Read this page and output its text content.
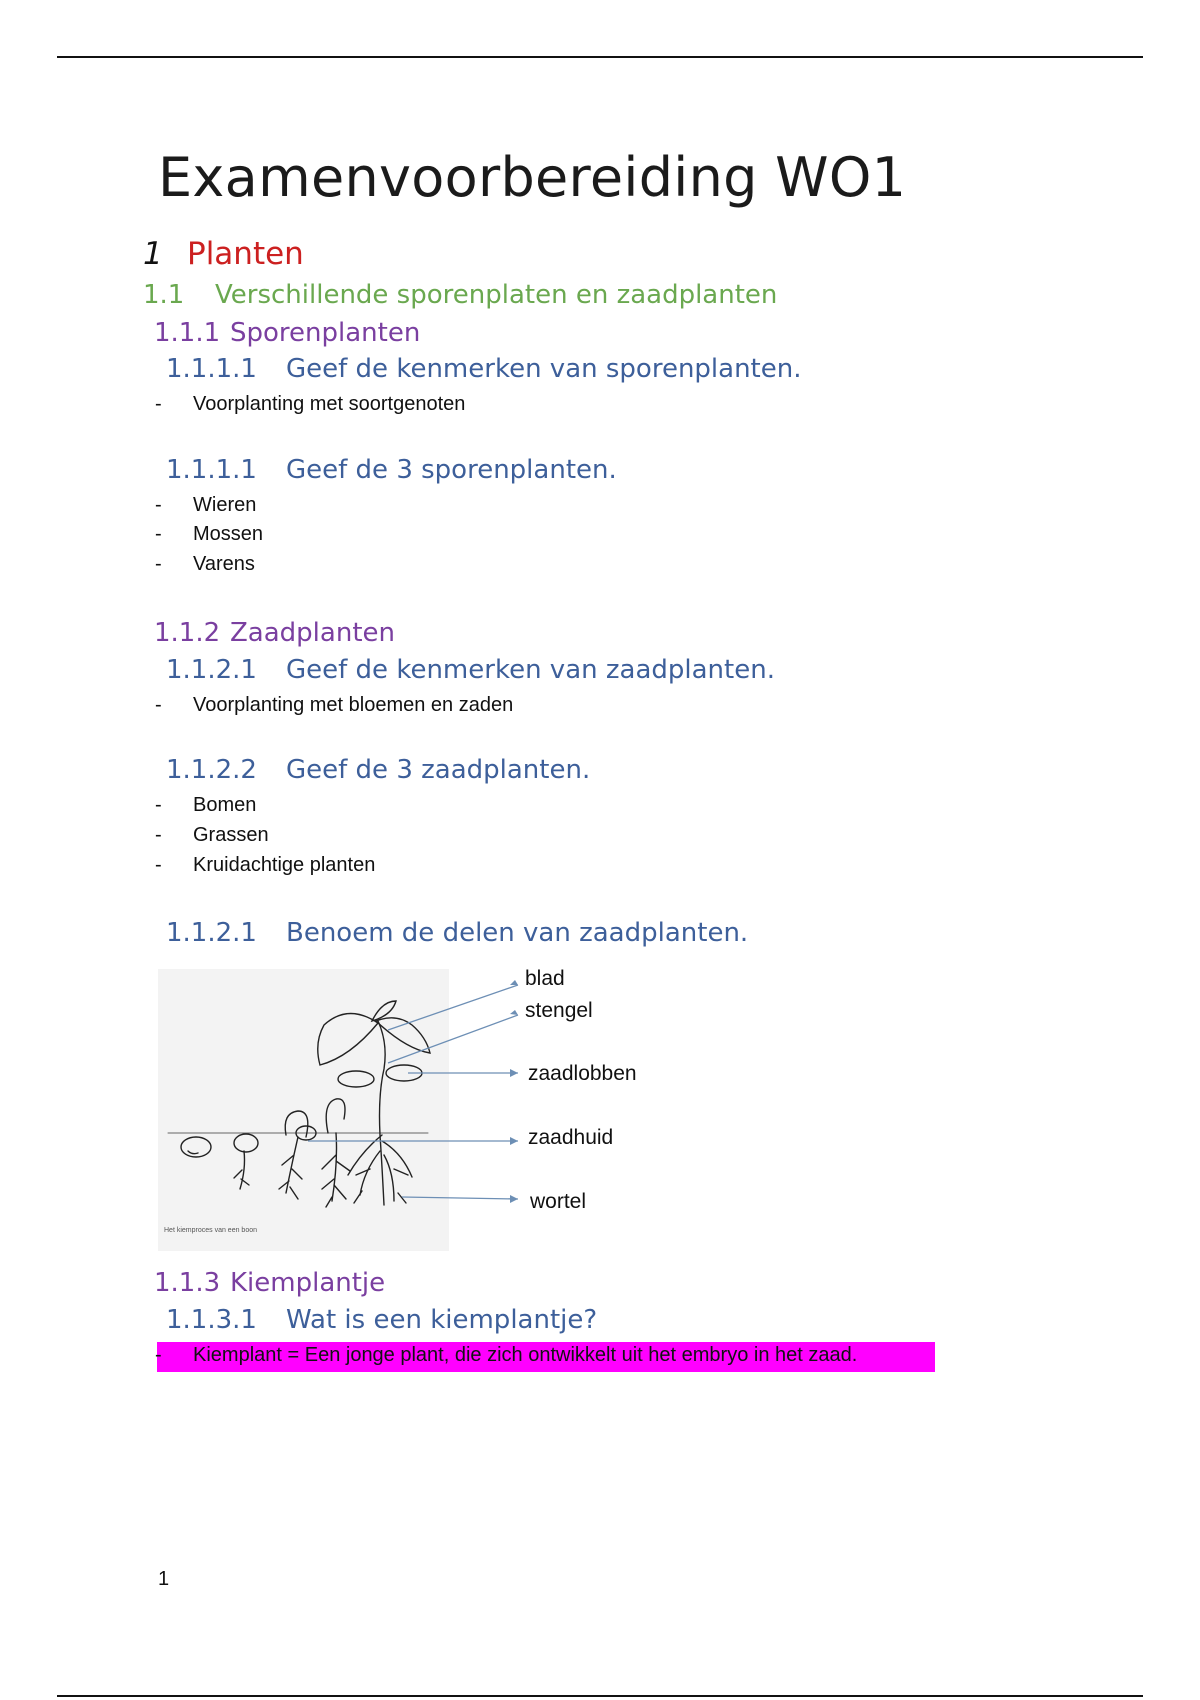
Examenvoorbereiding WO1
1 Planten
1.1 Verschillende sporenplaten en zaadplanten
1.1.1 Sporenplanten
1.1.1.1 Geef de kenmerken van sporenplanten.
- Voorplanting met soortgenoten
1.1.1.1 Geef de 3 sporenplanten.
- Wieren
- Mossen
- Varens
1.1.2 Zaadplanten
1.1.2.1 Geef de kenmerken van zaadplanten.
- Voorplanting met bloemen en zaden
1.1.2.2 Geef de 3 zaadplanten.
- Bomen
- Grassen
- Kruidachtige planten
1.1.2.1 Benoem de delen van zaadplanten.
blad
stengel
zaadlobben
zaadhuid
wortel
Het kiemproces van een boon
1.1.3 Kiemplantje
1.1.3.1 Wat is een kiemplantje?
- Kiemplant = Een jonge plant, die zich ontwikkelt uit het embryo in het zaad.
1
